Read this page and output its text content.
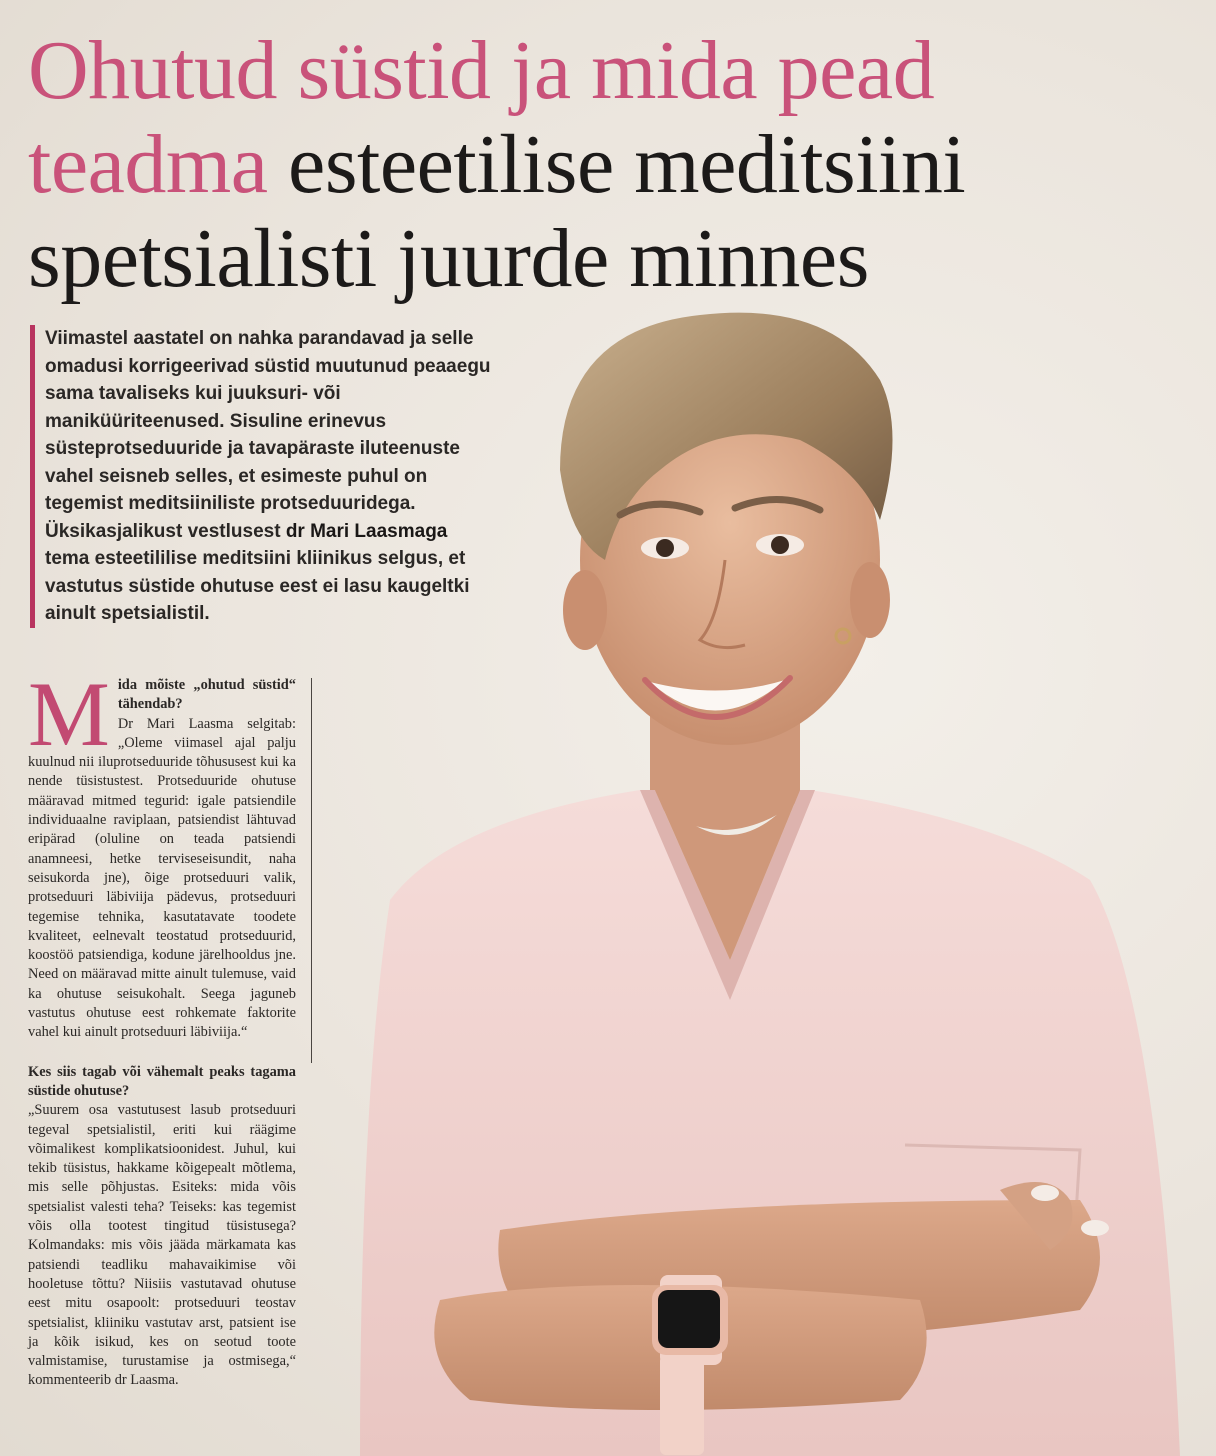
Ohutud süstid ja mida pead teadma esteetilise meditsiini spetsialisti juurde minnes
Viimastel aastatel on nahka parandavad ja selle omadusi korrigeerivad süstid muutunud peaaegu sama tavaliseks kui juuksuri- või maniküüriteenused. Sisuline erinevus süsteprotseduuride ja tavapäraste iluteenuste vahel seisneb selles, et esimeste puhul on tegemist meditsiiniliste protseduuridega. Üksikasjalikust vestlusest dr Mari Laasmaga tema esteetililise meditsiini kliinikus selgus, et vastutus süstide ohutuse eest ei lasu kaugeltki ainult spetsialistil.
M ida mõiste „ohutud süstid“ tähendab?

Dr Mari Laasma selgitab: „Oleme viimasel ajal palju kuulnud nii iluprotseduuride tõhususest kui ka nende tüsistustest. Protseduuride ohutuse määravad mitmed tegurid: igale patsiendile individuaalne raviplaan, patsiendist lähtuvad eripärad (oluline on teada patsiendi anamneesi, hetke terviseseisundit, naha seisukorda jne), õige protseduuri valik, protseduuri läbiviija pädevus, protseduuri tegemise tehnika, kasutatavate toodete kvaliteet, eelnevalt teostatud protseduurid, koostöö patsiendiga, kodune järelhooldus jne. Need on määravad mitte ainult tulemuse, vaid ka ohutuse seisukohalt. Seega jaguneb vastutus ohutuse eest rohkemate faktorite vahel kui ainult protseduuri läbiviija.“

Kes siis tagab või vähemalt peaks tagama süstide ohutuse?

„Suurem osa vastutusest lasub protseduuri tegeval spetsialistil, eriti kui räägime võimalikest komplikatsioonidest. Juhul, kui tekib tüsistus, hakkame kõigepealt mõtlema, mis selle põhjustas. Esiteks: mida võis spetsialist valesti teha? Teiseks: kas tegemist võis olla tootest tingitud tüsistusega? Kolmandaks: mis võis jääda märkamata kas patsiendi teadliku mahavaikimise või hooletuse tõttu? Niisiis vastutavad ohutuse eest mitu osapoolt: protseduuri teostav spetsialist, kliiniku vastutav arst, patsient ise ja kõik isikud, kes on seotud toote valmistamise, turustamise ja ostmisega,“ kommenteerib dr Laasma.
